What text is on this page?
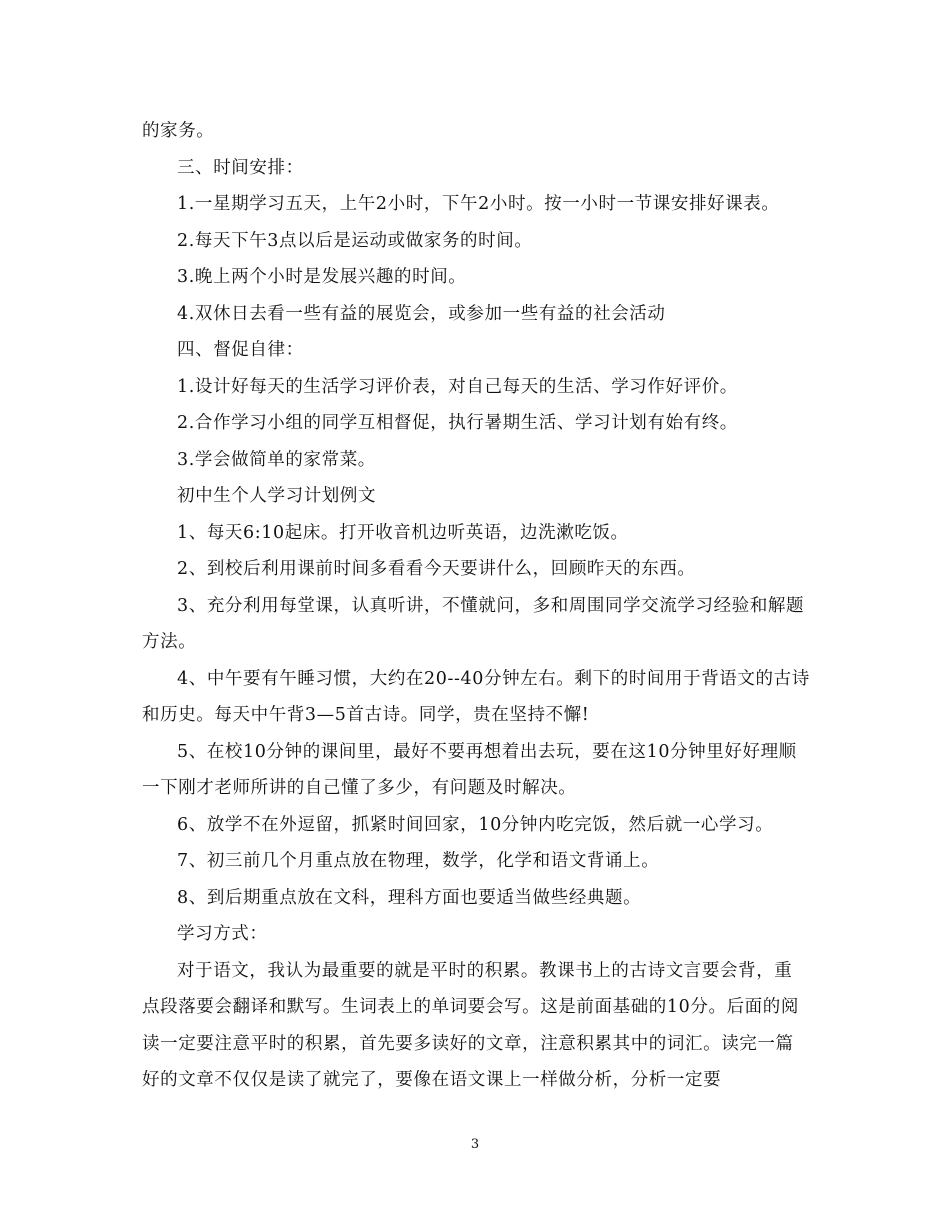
的家务。

三、时间安排：

1.一星期学习五天，上午2小时，下午2小时。按一小时一节课安排好课表。

2.每天下午3点以后是运动或做家务的时间。

3.晚上两个小时是发展兴趣的时间。

4.双休日去看一些有益的展览会，或参加一些有益的社会活动

四、督促自律：

1.设计好每天的生活学习评价表，对自己每天的生活、学习作好评价。

2.合作学习小组的同学互相督促，执行暑期生活、学习计划有始有终。

3.学会做简单的家常菜。

初中生个人学习计划例文

1、每天6:10起床。打开收音机边听英语，边洗漱吃饭。

2、到校后利用课前时间多看看今天要讲什么，回顾昨天的东西。

3、充分利用每堂课，认真听讲，不懂就问，多和周围同学交流学习经验和解题方法。

4、中午要有午睡习惯，大约在20--40分钟左右。剩下的时间用于背语文的古诗和历史。每天中午背3—5首古诗。同学，贵在坚持不懈!

5、在校10分钟的课间里，最好不要再想着出去玩，要在这10分钟里好好理顺一下刚才老师所讲的自己懂了多少，有问题及时解决。

6、放学不在外逗留，抓紧时间回家，10分钟内吃完饭，然后就一心学习。

7、初三前几个月重点放在物理，数学，化学和语文背诵上。

8、到后期重点放在文科，理科方面也要适当做些经典题。

学习方式：

对于语文，我认为最重要的就是平时的积累。教课书上的古诗文言要会背，重点段落要会翻译和默写。生词表上的单词要会写。这是前面基础的10分。后面的阅读一定要注意平时的积累，首先要多读好的文章，注意积累其中的词汇。读完一篇好的文章不仅仅是读了就完了，要像在语文课上一样做分析，分析一定要

3
